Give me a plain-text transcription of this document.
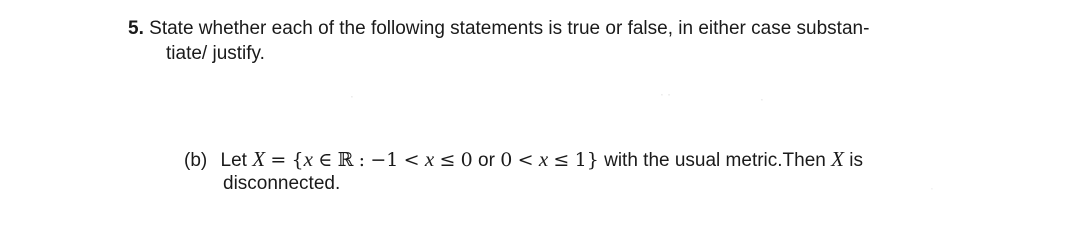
5. State whether each of the following statements is true or false, in either case substan-
tiate/ justify.
⋅	⋅ ⋅	⋅
(b) Let X = {x ∈ ℝ : −1 < x ≤ 0 or 0 < x ≤ 1} with the usual metric.Then X is
disconnected.	⋅
